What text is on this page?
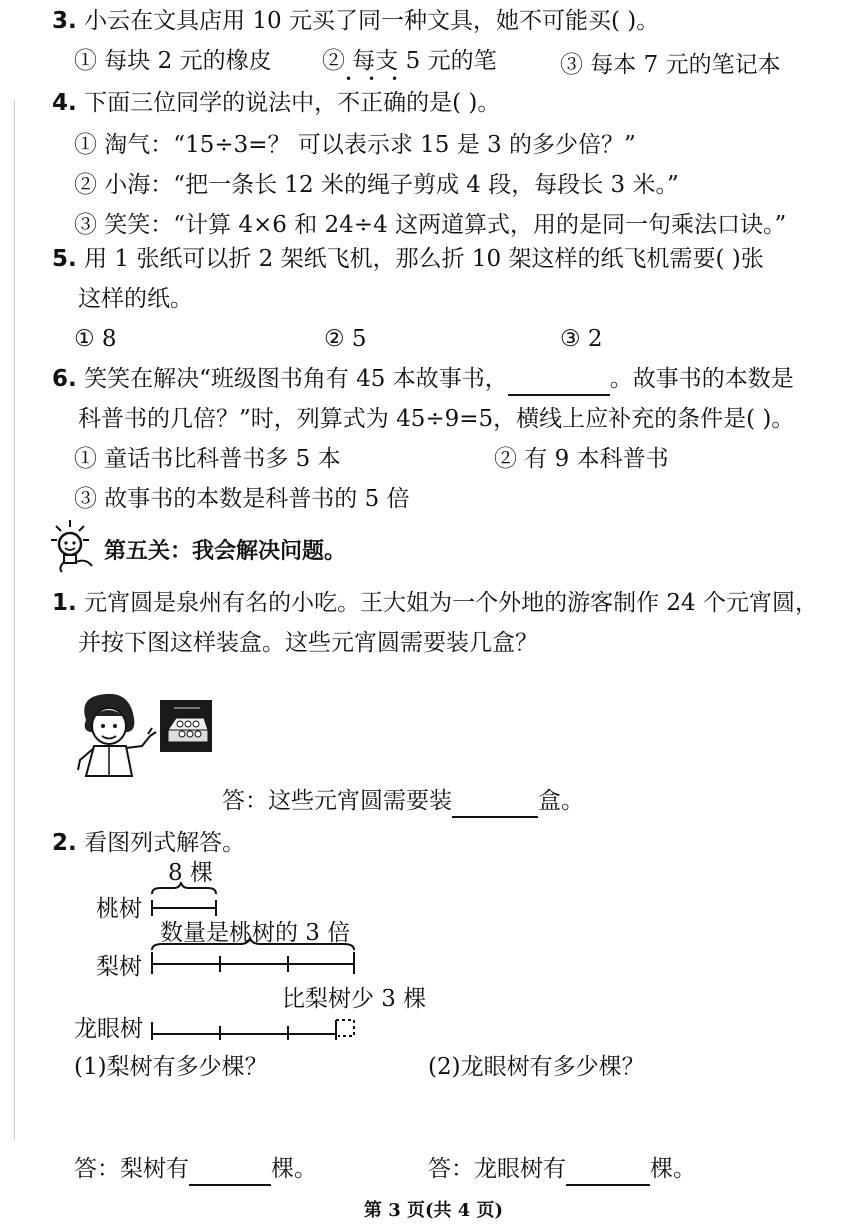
3. 小云在文具店用 10 元买了同一种文具，她不可能买( )。
① 每块 2 元的橡皮 ② 每支 5 元的笔	③ 每本 7 元的笔记本
4. 下面三位同学的说法中，不正确的是( )。
① 淘气：“15÷3=？ 可以表示求 15 是 3 的多少倍？”
② 小海：“把一条长 12 米的绳子剪成 4 段，每段长 3 米。”
③ 笑笑：“计算 4×6 和 24÷4 这两道算式，用的是同一句乘法口诀。”
5. 用 1 张纸可以折 2 架纸飞机，那么折 10 架这样的纸飞机需要( )张
这样的纸。
① 8	② 5	③ 2
6. 笑笑在解决“班级图书角有 45 本故事书，	。故事书的本数是
科普书的几倍？”时，列算式为 45÷9=5，横线上应补充的条件是( )。
① 童话书比科普书多 5 本	② 有 9 本科普书
③ 故事书的本数是科普书的 5 倍
第五关：我会解决问题。
1. 元宵圆是泉州有名的小吃。王大姐为一个外地的游客制作 24 个元宵圆，
并按下图这样装盒。这些元宵圆需要装几盒？
答：这些元宵圆需要装	盒。
2. 看图列式解答。
8 棵
桃树
数量是桃树的 3 倍
梨树
比梨树少 3 棵
龙眼树
(1)梨树有多少棵？	(2)龙眼树有多少棵？
答：梨树有	棵。	答：龙眼树有	棵。
第 3 页(共 4 页)
